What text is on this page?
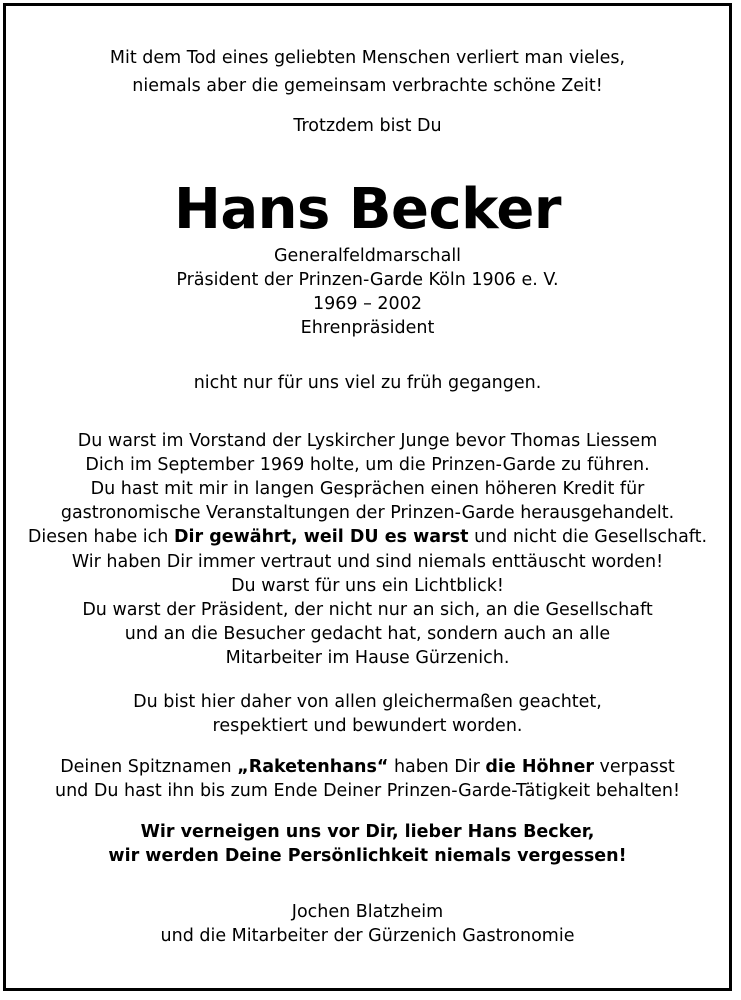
Mit dem Tod eines geliebten Menschen verliert man vieles,
niemals aber die gemeinsam verbrachte schöne Zeit!
Trotzdem bist Du
Hans Becker
Generalfeldmarschall
Präsident der Prinzen-Garde Köln 1906 e. V.
1969 – 2002
Ehrenpräsident
nicht nur für uns viel zu früh gegangen.
Du warst im Vorstand der Lyskircher Junge bevor Thomas Liessem
Dich im September 1969 holte, um die Prinzen-Garde zu führen.
Du hast mit mir in langen Gesprächen einen höheren Kredit für
gastronomische Veranstaltungen der Prinzen-Garde herausgehandelt.
Diesen habe ich Dir gewährt, weil DU es warst und nicht die Gesellschaft.
Wir haben Dir immer vertraut und sind niemals enttäuscht worden!
Du warst für uns ein Lichtblick!
Du warst der Präsident, der nicht nur an sich, an die Gesellschaft
und an die Besucher gedacht hat, sondern auch an alle
Mitarbeiter im Hause Gürzenich.
Du bist hier daher von allen gleichermaßen geachtet,
respektiert und bewundert worden.
Deinen Spitznamen „Raketenhans“ haben Dir die Höhner verpasst
und Du hast ihn bis zum Ende Deiner Prinzen-Garde-Tätigkeit behalten!
Wir verneigen uns vor Dir, lieber Hans Becker,
wir werden Deine Persönlichkeit niemals vergessen!
Jochen Blatzheim
und die Mitarbeiter der Gürzenich Gastronomie
